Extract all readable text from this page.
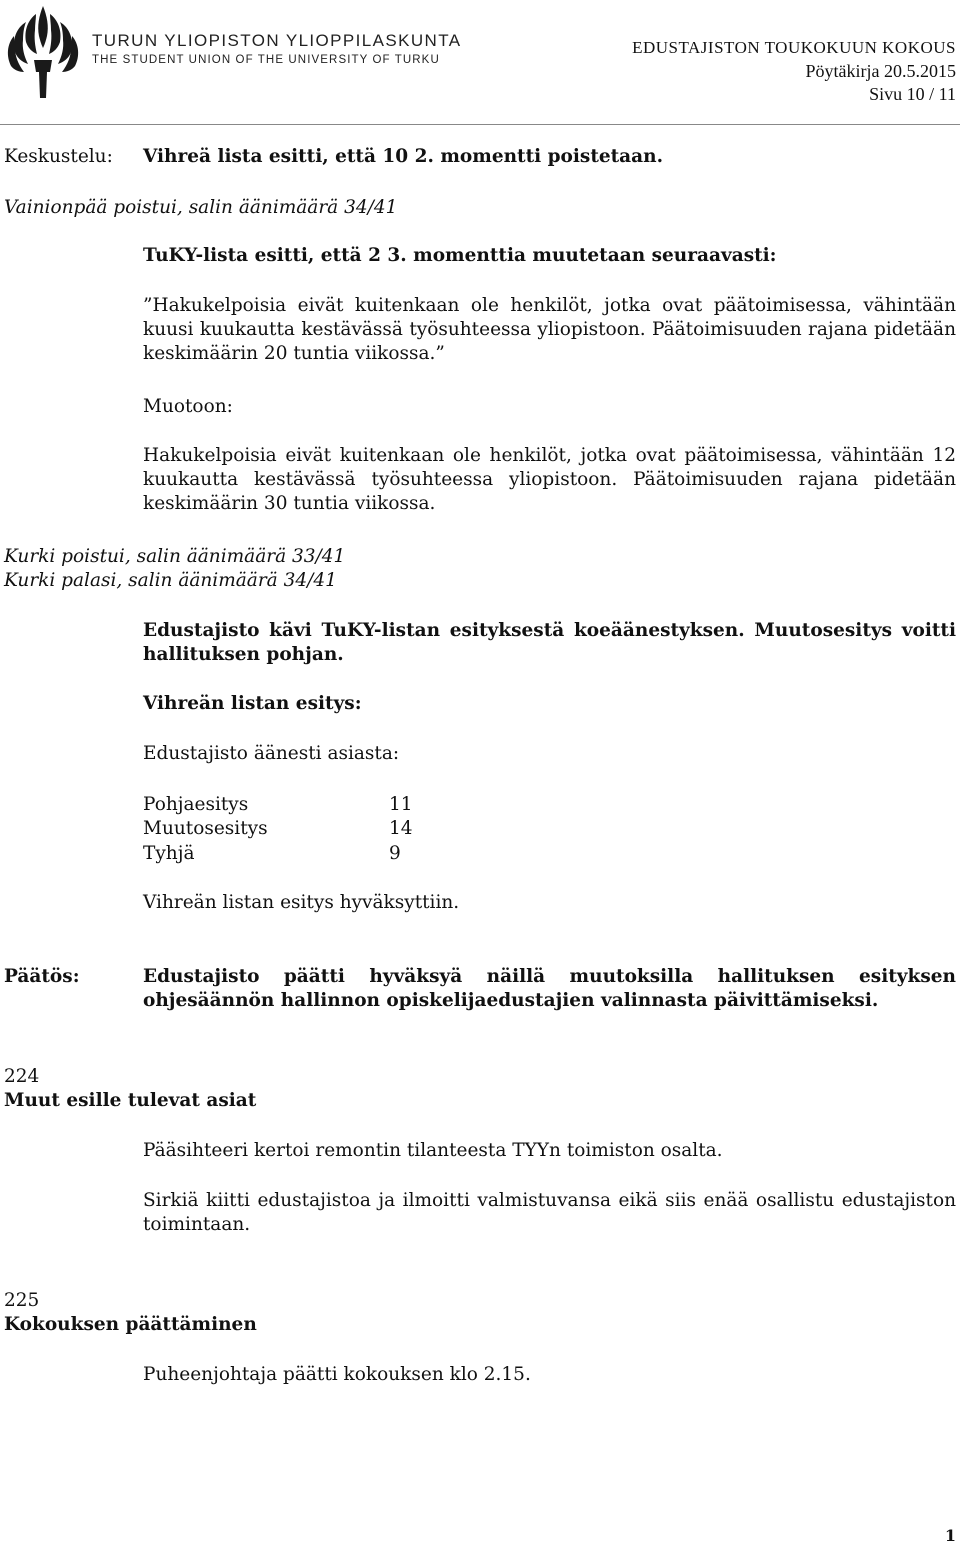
TURUN YLIOPISTON YLIOPPILASKUNTA
THE STUDENT UNION OF THE UNIVERSITY OF TURKU
EDUSTAJISTON TOUKOKUUN KOKOUS
Pöytäkirja 20.5.2015
Sivu 10 / 11
Keskustelu: Vihreä lista esitti, että 10 2. momentti poistetaan.
Vainionpää poistui, salin äänimäärä 34/41
TuKY-lista esitti, että 2 3. momenttia muutetaan seuraavasti:
”Hakukelpoisia eivät kuitenkaan ole henkilöt, jotka ovat päätoimisessa, vähintään kuusi kuukautta kestävässä työsuhteessa yliopistoon. Päätoimisuuden rajana pidetään keskimäärin 20 tuntia viikossa.”
Muotoon:
Hakukelpoisia eivät kuitenkaan ole henkilöt, jotka ovat päätoimisessa, vähintään 12 kuukautta kestävässä työsuhteessa yliopistoon. Päätoimisuuden rajana pidetään keskimäärin 30 tuntia viikossa.
Kurki poistui, salin äänimäärä 33/41
Kurki palasi, salin äänimäärä 34/41
Edustajisto kävi TuKY-listan esityksestä koeäänestyksen. Muutosesitys voitti hallituksen pohjan.
Vihreän listan esitys:
Edustajisto äänesti asiasta:
Pohjaesitys	11
Muutosesitys	14
Tyhjä	9
Vihreän listan esitys hyväksyttiin.
Päätös:	Edustajisto päätti hyväksyä näillä muutoksilla hallituksen esityksen ohjesäännön hallinnon opiskelijaedustajien valinnasta päivittämiseksi.
224
Muut esille tulevat asiat
Pääsihteeri kertoi remontin tilanteesta TYYn toimiston osalta.
Sirkiä kiitti edustajistoa ja ilmoitti valmistuvansa eikä siis enää osallistu edustajiston toimintaan.
225
Kokouksen päättäminen
Puheenjohtaja päätti kokouksen klo 2.15.
1
